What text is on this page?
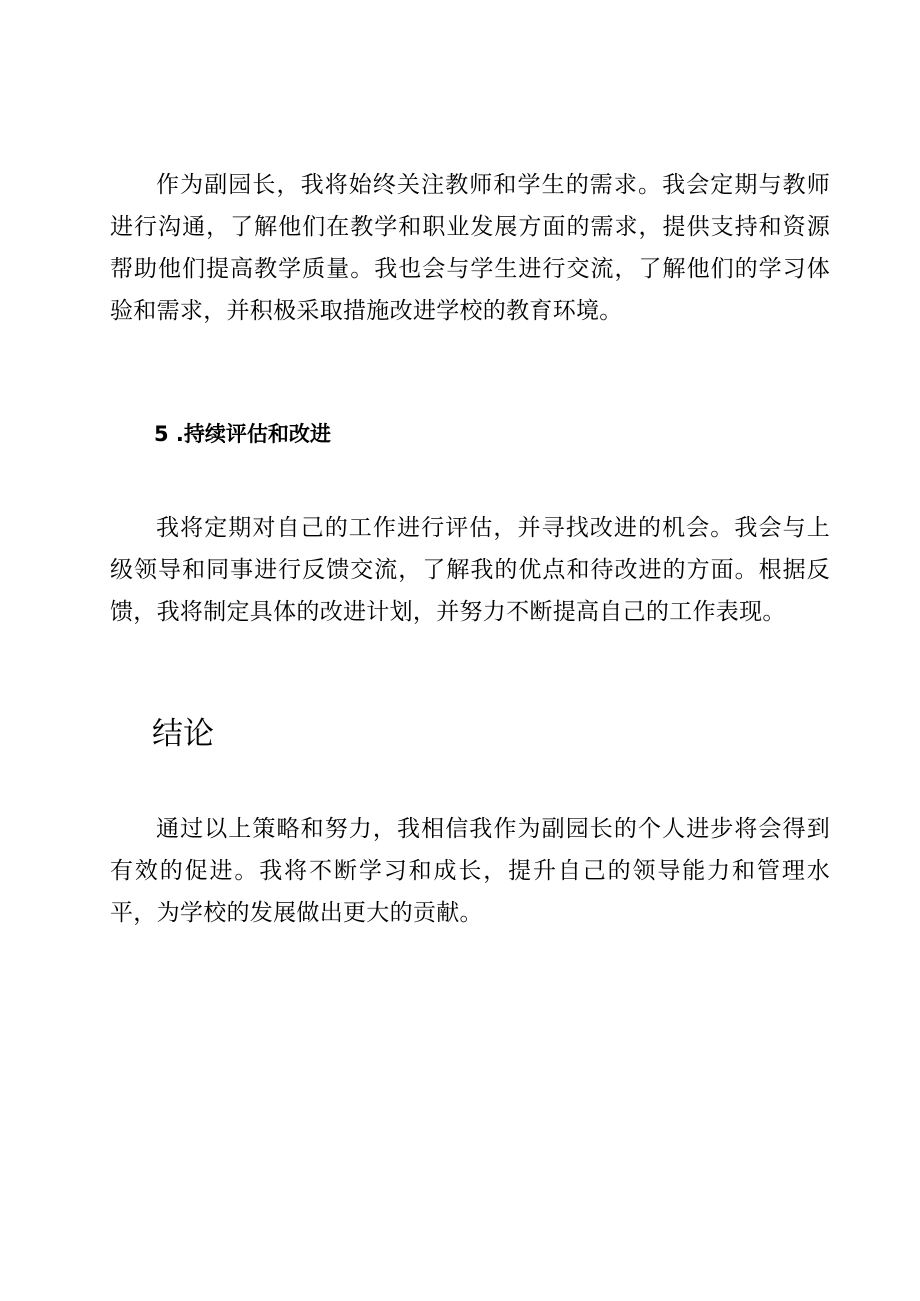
作为副园长，我将始终关注教师和学生的需求。我会定期与教师进行沟通，了解他们在教学和职业发展方面的需求，提供支持和资源帮助他们提高教学质量。我也会与学生进行交流，了解他们的学习体验和需求，并积极采取措施改进学校的教育环境。

5 .持续评估和改进

我将定期对自己的工作进行评估，并寻找改进的机会。我会与上级领导和同事进行反馈交流，了解我的优点和待改进的方面。根据反馈，我将制定具体的改进计划，并努力不断提高自己的工作表现。

结论

通过以上策略和努力，我相信我作为副园长的个人进步将会得到有效的促进。我将不断学习和成长，提升自己的领导能力和管理水平，为学校的发展做出更大的贡献。
